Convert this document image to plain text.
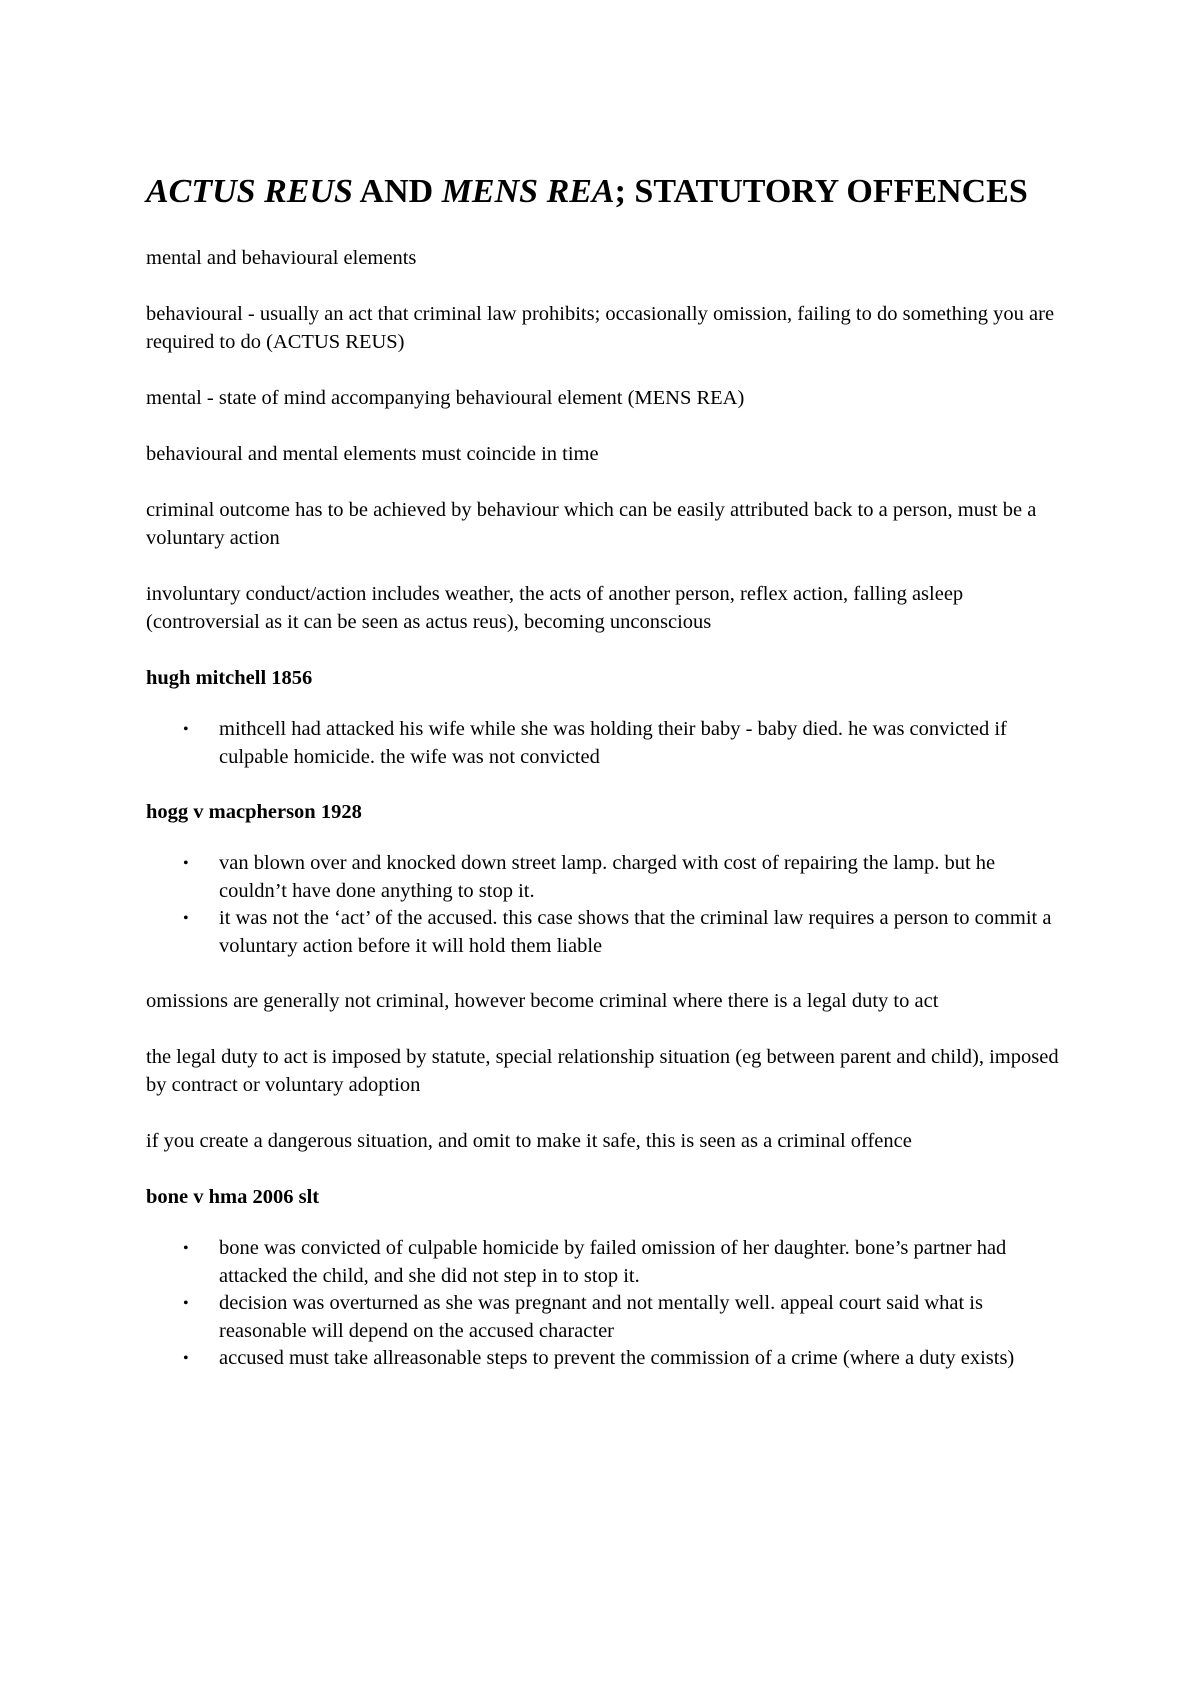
ACTUS REUS AND MENS REA; STATUTORY OFFENCES

mental and behavioural elements

behavioural - usually an act that criminal law prohibits; occasionally omission, failing to do something you are required to do (ACTUS REUS)

mental - state of mind accompanying behavioural element (MENS REA)

behavioural and mental elements must coincide in time

criminal outcome has to be achieved by behaviour which can be easily attributed back to a person, must be a voluntary action

involuntary conduct/action includes weather, the acts of another person, reflex action, falling asleep (controversial as it can be seen as actus reus), becoming unconscious

hugh mitchell 1856

• mithcell had attacked his wife while she was holding their baby - baby died. he was convicted if culpable homicide. the wife was not convicted

hogg v macpherson 1928

• van blown over and knocked down street lamp. charged with cost of repairing the lamp. but he couldn’t have done anything to stop it.
• it was not the ‘act’ of the accused. this case shows that the criminal law requires a person to commit a voluntary action before it will hold them liable

omissions are generally not criminal, however become criminal where there is a legal duty to act

the legal duty to act is imposed by statute, special relationship situation (eg between parent and child), imposed by contract or voluntary adoption

if you create a dangerous situation, and omit to make it safe, this is seen as a criminal offence

bone v hma 2006 slt

• bone was convicted of culpable homicide by failed omission of her daughter. bone’s partner had attacked the child, and she did not step in to stop it.
• decision was overturned as she was pregnant and not mentally well. appeal court said what is reasonable will depend on the accused character
• accused must take allreasonable steps to prevent the commission of a crime (where a duty exists)
